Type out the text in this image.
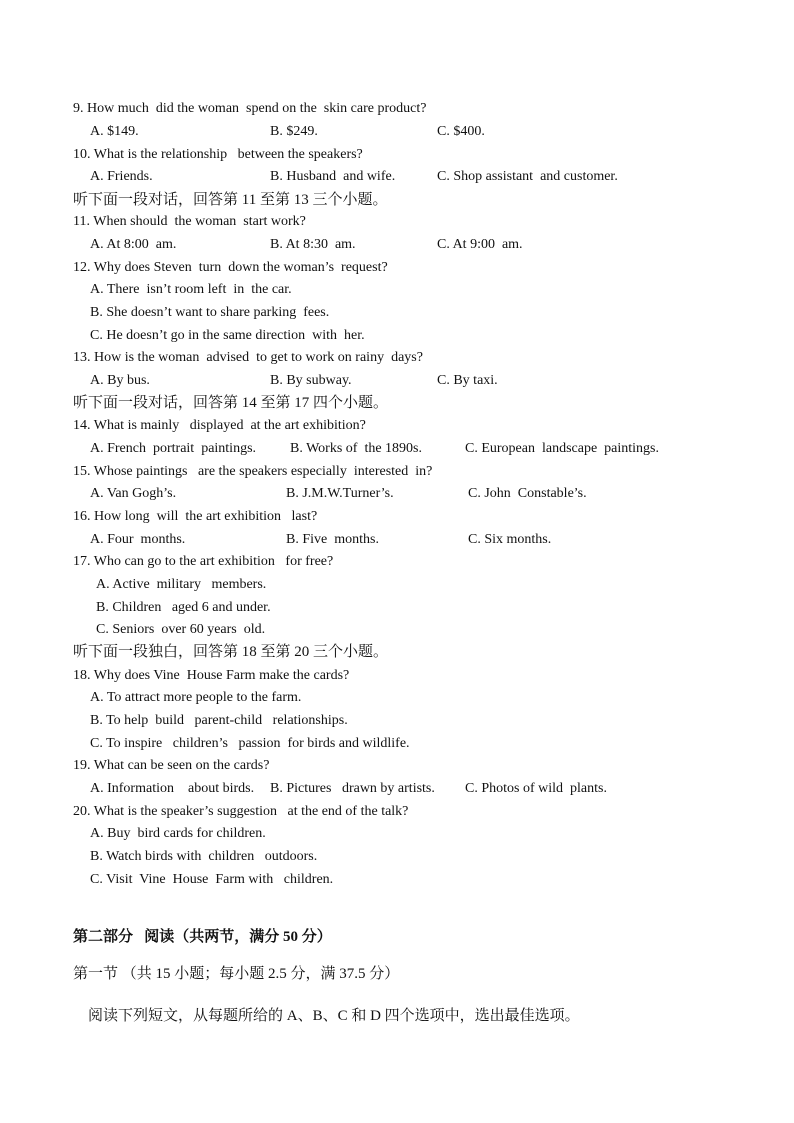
9. How much  did the woman  spend on the  skin care product?
A. $149.	B. $249.	C. $400.
10. What is the relationship   between the speakers?
A. Friends.	B. Husband  and wife.	C. Shop assistant  and customer.
听下面一段对话，回答第 11 至第 13 三个小题。
11. When should  the woman  start work?
A. At 8:00  am.	B. At 8:30  am.	C. At 9:00  am.
12. Why does Steven  turn  down the woman’s  request?
A. There  isn’t room left  in  the car.
B. She doesn’t want to share parking  fees.
C. He doesn’t go in the same direction  with  her.
13. How is the woman  advised  to get to work on rainy  days?
A. By bus.	B. By subway.	C. By taxi.
听下面一段对话，回答第 14 至第 17 四个小题。
14. What is mainly   displayed  at the art exhibition?
A. French  portrait  paintings. B. Works of  the 1890s.	C. European  landscape  paintings.
15. Whose paintings   are the speakers especially  interested  in?
A. Van Gogh’s.	B. J.M.W.Turner’s.	C. John  Constable’s.
16. How long  will  the art exhibition   last?
A. Four  months.	B. Five  months.	C. Six months.
17. Who can go to the art exhibition   for free?
A. Active  military   members.
B. Children   aged 6 and under.
C. Seniors  over 60 years  old.
听下面一段独白，回答第 18 至第 20 三个小题。
18. Why does Vine  House Farm make the cards?
A. To attract more people to the farm.
B. To help  build   parent-child   relationships.
C. To inspire   children’s   passion  for birds and wildlife.
19. What can be seen on the cards?
A. Information    about birds. B. Pictures   drawn by artists. C. Photos of wild  plants.
20. What is the speaker’s suggestion   at the end of the talk?
A. Buy  bird cards for children.
B. Watch birds with  children   outdoors.
C. Visit  Vine  House  Farm with   children.
第二部分   阅读（共两节，满分 50 分）
第一节 （共 15 小题；每小题 2.5 分，满 37.5 分）
阅读下列短文，从每题所给的 A、B、C 和 D 四个选项中，选出最佳选项。
